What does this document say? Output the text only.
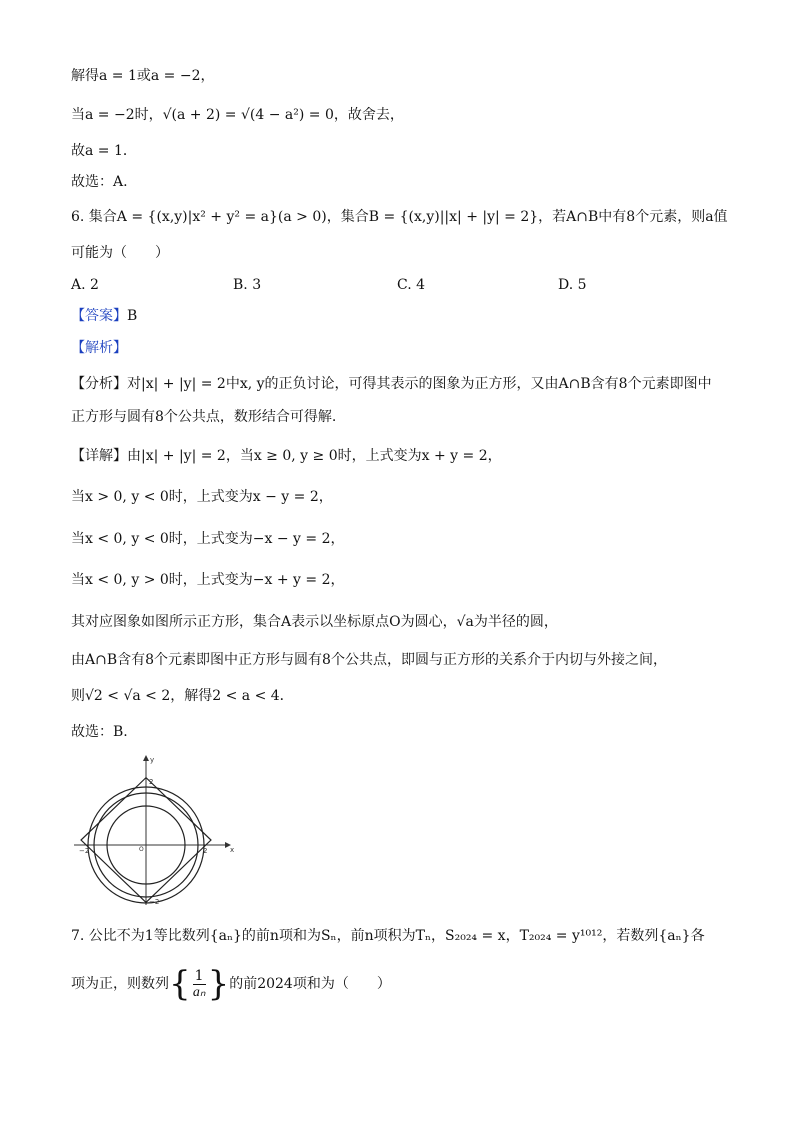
解得a = 1或a = −2，
当a = −2时，√(a + 2) = √(4 − a²) = 0，故舍去，
故a = 1．
故选：A.
6. 集合A = {(x,y)|x² + y² = a}(a > 0)，集合B = {(x,y)||x| + |y| = 2}，若A∩B中有8个元素，则a值
可能为（　　）
A. 2	B. 3	C. 4	D. 5
【答案】B
【解析】
【分析】对|x| + |y| = 2中x, y的正负讨论，可得其表示的图象为正方形，又由A∩B含有8个元素即图中
正方形与圆有8个公共点，数形结合可得解.
【详解】由|x| + |y| = 2，当x ≥ 0, y ≥ 0时，上式变为x + y = 2，
当x > 0, y < 0时，上式变为x − y = 2，
当x < 0, y < 0时，上式变为−x − y = 2，
当x < 0, y > 0时，上式变为−x + y = 2，
其对应图象如图所示正方形，集合A表示以坐标原点O为圆心，√a为半径的圆，
由A∩B含有8个元素即图中正方形与圆有8个公共点，即圆与正方形的关系介于内切与外接之间，
则√2 < √a < 2，解得2 < a < 4．
故选：B.
y
x
O
2
−2
−2	2
7. 公比不为1等比数列{aₙ}的前n项和为Sₙ，前n项积为Tₙ，S₂₀₂₄ = x，T₂₀₂₄ = y¹⁰¹²，若数列{aₙ}各
项为正，则数列{ $\frac{1}{\text{aₙ}}$ }的前2024项和为（　　）
